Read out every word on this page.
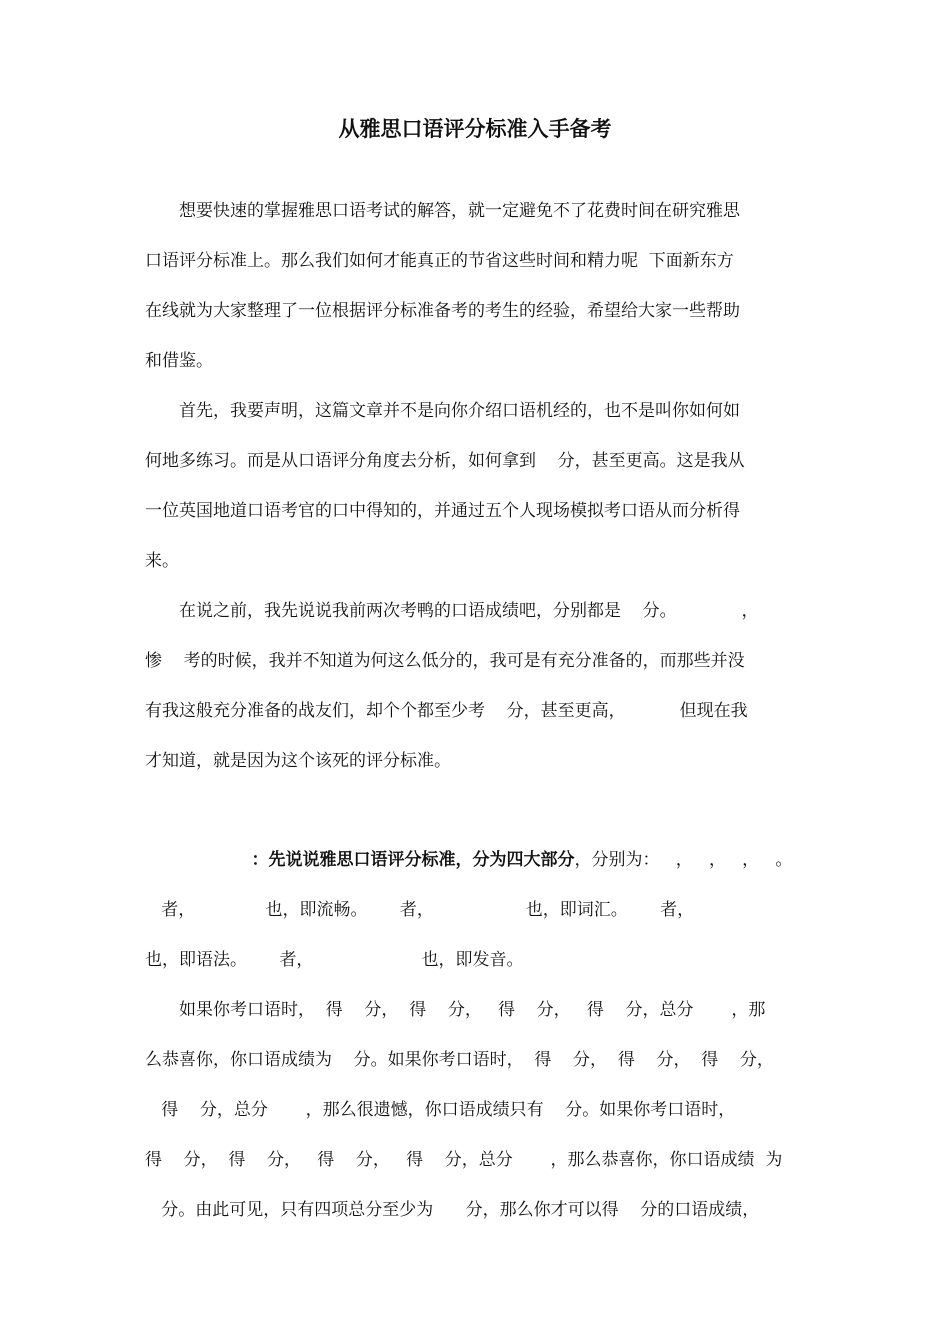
从雅思口语评分标准入手备考
　　想要快速的掌握雅思口语考试的解答，就一定避免不了花费时间在研究雅思
口语评分标准上。那么我们如何才能真正的节省这些时间和精力呢  下面新东方
在线就为大家整理了一位根据评分标准备考的考生的经验，希望给大家一些帮助
和借鉴。
　　首先，我要声明，这篇文章并不是向你介绍口语机经的，也不是叫你如何如
何地多练习。而是从口语评分角度去分析，如何拿到    分，甚至更高。这是我从
一位英国地道口语考官的口中得知的，并通过五个人现场模拟考口语从而分析得
来。
　　在说之前，我先说说我前两次考鸭的口语成绩吧，分别都是    分。            ，
惨    考的时候，我并不知道为何这么低分的，我可是有充分准备的，而那些并没
有我这般充分准备的战友们，却个个都至少考    分，甚至更高，          但现在我
才知道，就是因为这个该死的评分标准。
：先说说雅思口语评分标准，分为四大部分，分别为：   ，   ，   ，   。
者，             也，即流畅。      者，                 也，即词汇。      者，
也，即语法。      者，                    也，即发音。
　　如果你考口语时，  得    分，  得    分，   得    分，   得    分，总分       ，那
么恭喜你，你口语成绩为    分。如果你考口语时，  得    分，  得    分，  得    分，
得    分，总分       ，那么很遗憾，你口语成绩只有    分。如果你考口语时，
得    分，  得    分，   得    分，   得    分，总分       ，那么恭喜你，你口语成绩  为
分。由此可见，只有四项总分至少为      分，那么你才可以得    分的口语成绩，
